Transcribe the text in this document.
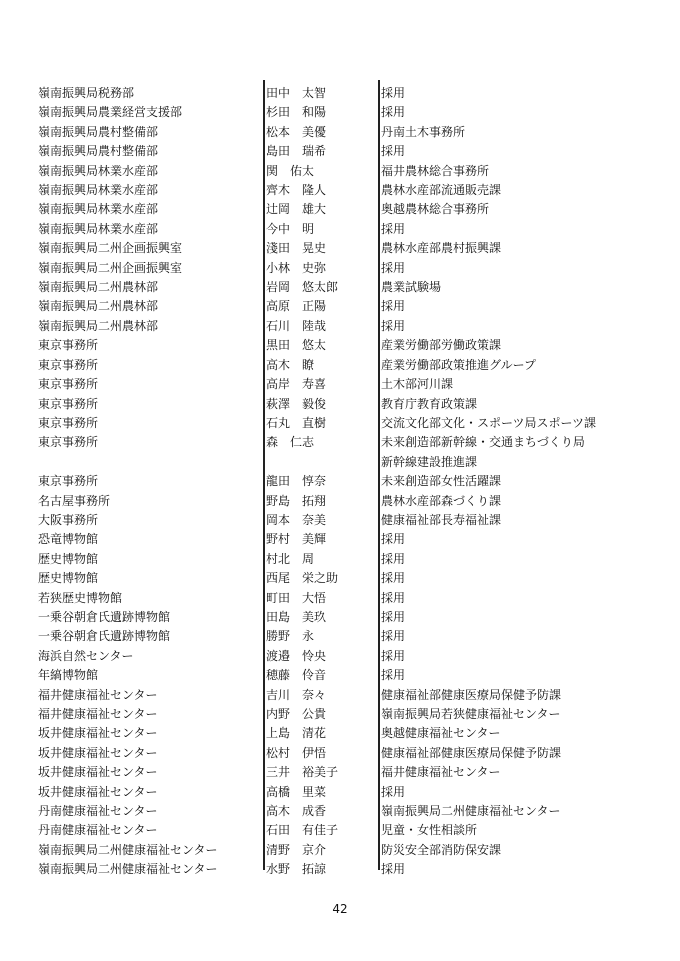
嶺南振興局税務部	田中　太智	採用
嶺南振興局農業経営支援部	杉田　和陽	採用
嶺南振興局農村整備部	松本　美優	丹南土木事務所
嶺南振興局農村整備部	島田　瑞希	採用
嶺南振興局林業水産部	関　佑太	福井農林総合事務所
嶺南振興局林業水産部	齊木　隆人	農林水産部流通販売課
嶺南振興局林業水産部	辻岡　雄大	奥越農林総合事務所
嶺南振興局林業水産部	今中　明	採用
嶺南振興局二州企画振興室	淺田　晃史	農林水産部農村振興課
嶺南振興局二州企画振興室	小林　史弥	採用
嶺南振興局二州農林部	岩岡　悠太郎	農業試験場
嶺南振興局二州農林部	高原　正陽	採用
嶺南振興局二州農林部	石川　陸哉	採用
東京事務所	黒田　悠太	産業労働部労働政策課
東京事務所	高木　瞭	産業労働部政策推進グループ
東京事務所	高岸　寿喜	土木部河川課
東京事務所	萩澤　毅俊	教育庁教育政策課
東京事務所	石丸　直樹	交流文化部文化・スポーツ局スポーツ課
東京事務所	森　仁志	未来創造部新幹線・交通まちづくり局
新幹線建設推進課

東京事務所	龍田　惇奈	未来創造部女性活躍課
名古屋事務所	野島　拓翔	農林水産部森づくり課
大阪事務所	岡本　奈美	健康福祉部長寿福祉課
恐竜博物館	野村　美輝	採用
歴史博物館	村北　周	採用
歴史博物館	西尾　栄之助	採用
若狭歴史博物館	町田　大悟	採用
一乗谷朝倉氏遺跡博物館	田島　美玖	採用
一乗谷朝倉氏遺跡博物館	勝野　永	採用
海浜自然センター	渡邉　怜央	採用
年縞博物館	穂藤　伶音	採用
福井健康福祉センター	吉川　奈々	健康福祉部健康医療局保健予防課
福井健康福祉センター	内野　公貴	嶺南振興局若狭健康福祉センター
坂井健康福祉センター	上島　清花	奥越健康福祉センター
坂井健康福祉センター	松村　伊悟	健康福祉部健康医療局保健予防課
坂井健康福祉センター	三井　裕美子	福井健康福祉センター
坂井健康福祉センター	高橋　里菜	採用
丹南健康福祉センター	高木　成香	嶺南振興局二州健康福祉センター
丹南健康福祉センター	石田　有佳子	児童・女性相談所
嶺南振興局二州健康福祉センター	清野　京介	防災安全部消防保安課
嶺南振興局二州健康福祉センター	水野　拓諒	採用
42
